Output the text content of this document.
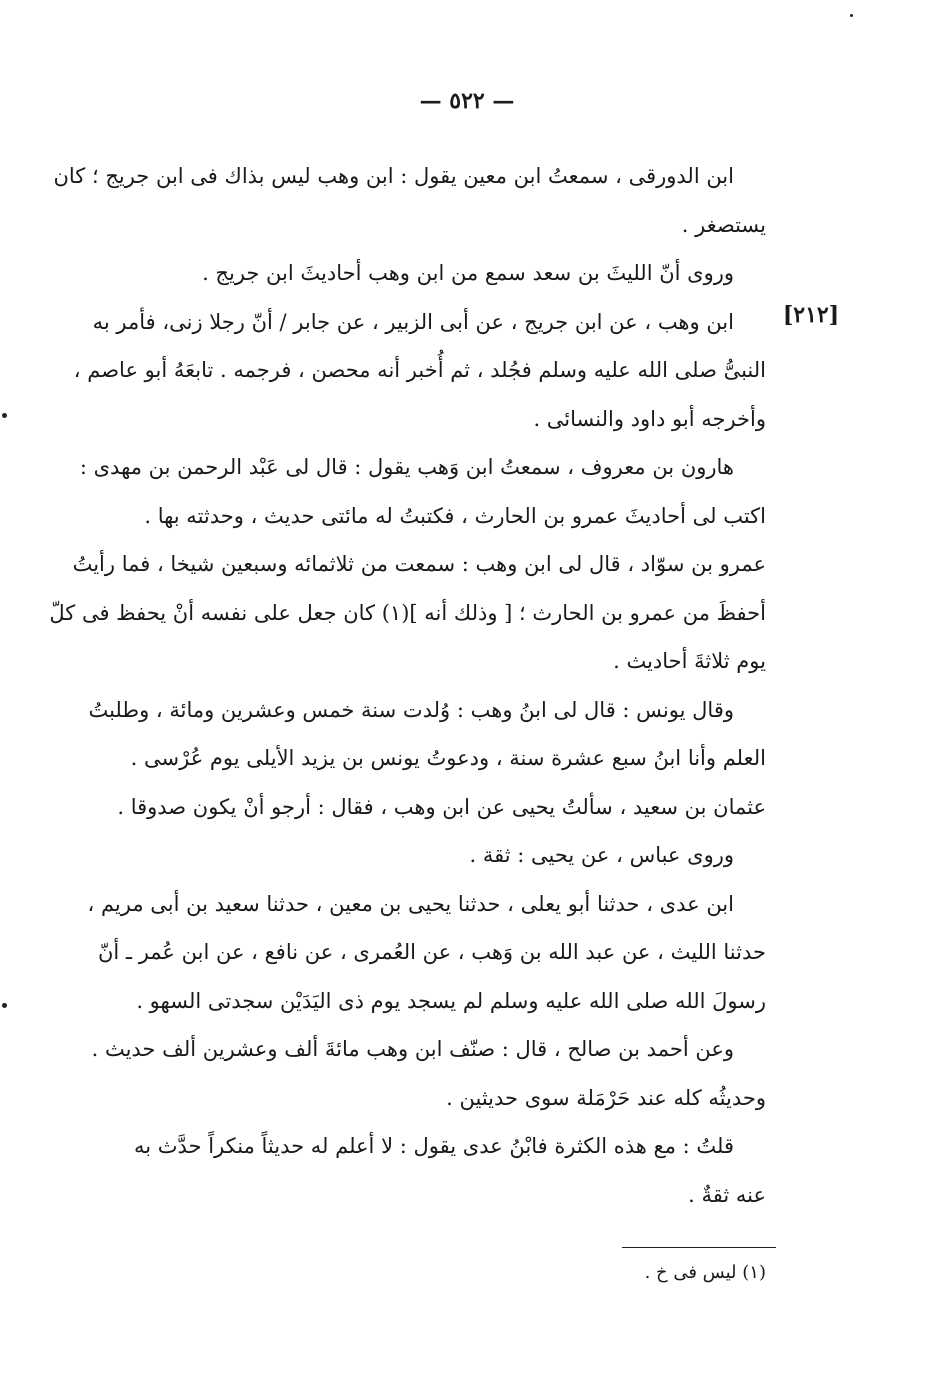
— ٥٢٢ —
[٢١٢]
ابن الدورقى ، سمعتُ ابن معين يقول : ابن وهب ليس بذاك فى ابن جريج ؛ كان
يستصغر .
وروى أنّ الليثَ بن سعد سمع من ابن وهب أحاديثَ ابن جريج .
ابن وهب ، عن ابن جريج ، عن أبى الزبير ، عن جابر / أنّ رجلا زنى، فأمر به
النبىُّ صلى الله عليه وسلم فجُلد ، ثم أُخبر أنه محصن ، فرجمه . تابعَهُ أبو عاصم ،
وأخرجه أبو داود والنسائى .
هارون بن معروف ، سمعتُ ابن وَهب يقول : قال لى عَبْد الرحمن بن مهدى :
اكتب لى أحاديثَ عمرو بن الحارث ، فكتبتُ له مائتى حديث ، وحدثته بها .
عمرو بن سوّاد ، قال لى ابن وهب : سمعت من ثلاثمائه وسبعين شيخا ، فما رأيتُ
أحفظَ من عمرو بن الحارث ؛ [ وذلك أنه ](١) كان جعل على نفسه أنْ يحفظ فى كلّ
يوم ثلاثةَ أحاديث .
وقال يونس : قال لى ابنُ وهب : وُلدت سنة خمس وعشرين ومائة ، وطلبتُ
العلم وأنا ابنُ سبع عشرة سنة ، ودعوتُ يونس بن يزيد الأيلى يوم عُرْسى .
عثمان بن سعيد ، سألتُ يحيى عن ابن وهب ، فقال : أرجو أنْ يكون صدوقا .
وروى عباس ، عن يحيى : ثقة .
ابن عدى ، حدثنا أبو يعلى ، حدثنا يحيى بن معين ، حدثنا سعيد بن أبى مريم ،
حدثنا الليث ، عن عبد الله بن وَهب ، عن العُمرى ، عن نافع ، عن ابن عُمر ـ أنّ
رسولَ الله صلى الله عليه وسلم لم يسجد يوم ذى اليَدَيْن سجدتى السهو .
وعن أحمد بن صالح ، قال : صنّف ابن وهب مائةَ ألف وعشرين ألف حديث .
وحديثُه كله عند حَرْمَلة سوى حديثين .
قلتُ : مع هذه الكثرة فابْنُ عدى يقول : لا أعلم له حديثاً منكراً حدَّث به
عنه ثقةٌ .
(١) ليس فى خ .
